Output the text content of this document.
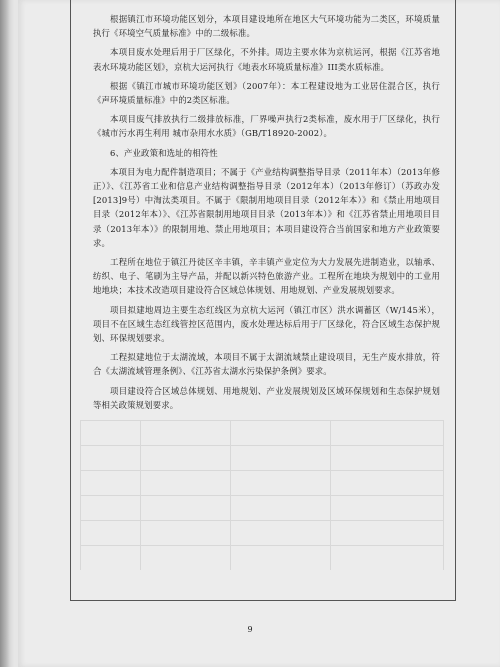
根据镇江市环境功能区划分，本项目建设地所在地区大气环境功能为二类区，环境质量执行《环境空气质量标准》中的二级标准。

本项目废水处理后用于厂区绿化，不外排。周边主要水体为京杭运河，根据《江苏省地表水环境功能区划》，京杭大运河执行《地表水环境质量标准》III类水质标准。

根据《镇江市城市环境功能区划》（2007年）：本工程建设地为工业居住混合区，执行《声环境质量标准》中的2类区标准。

本项目废气排放执行二级排放标准，厂界噪声执行2类标准，废水用于厂区绿化，执行《城市污水再生利用 城市杂用水水质》（GB/T18920-2002）。

6、产业政策和选址的相符性

本项目为电力配件制造项目；不属于《产业结构调整指导目录（2011年本）（2013年修正）》、《江苏省工业和信息产业结构调整指导目录（2012年本）（2013年修订）（苏政办发[2013]9号）中淘汰类项目。不属于《限制用地项目目录（2012年本）》和《禁止用地项目目录（2012年本）》、《江苏省限制用地项目目录（2013年本）》和《江苏省禁止用地项目目录（2013年本）》的限制用地、禁止用地项目；本项目建设符合当前国家和地方产业政策要求。

工程所在地位于镇江丹徒区辛丰镇，辛丰镇产业定位为大力发展先进制造业，以轴承、纺织、电子、笔刷为主导产品，并配以新兴特色旅游产业。工程所在地块为规划中的工业用地地块；本技术改造项目建设符合区域总体规划、用地规划、产业发展规划要求。

项目拟建地周边主要生态红线区为京杭大运河（镇江市区）洪水调蓄区（W/145米），项目不在区域生态红线管控区范围内，废水处理达标后用于厂区绿化，符合区域生态保护规划、环保规划要求。

工程拟建地位于太湖流域，本项目不属于太湖流域禁止建设项目，无生产废水排放，符合《太湖流域管理条例》、《江苏省太湖水污染保护条例》要求。

项目建设符合区域总体规划、用地规划、产业发展规划及区域环保规划和生态保护规划等相关政策规划要求。

9
